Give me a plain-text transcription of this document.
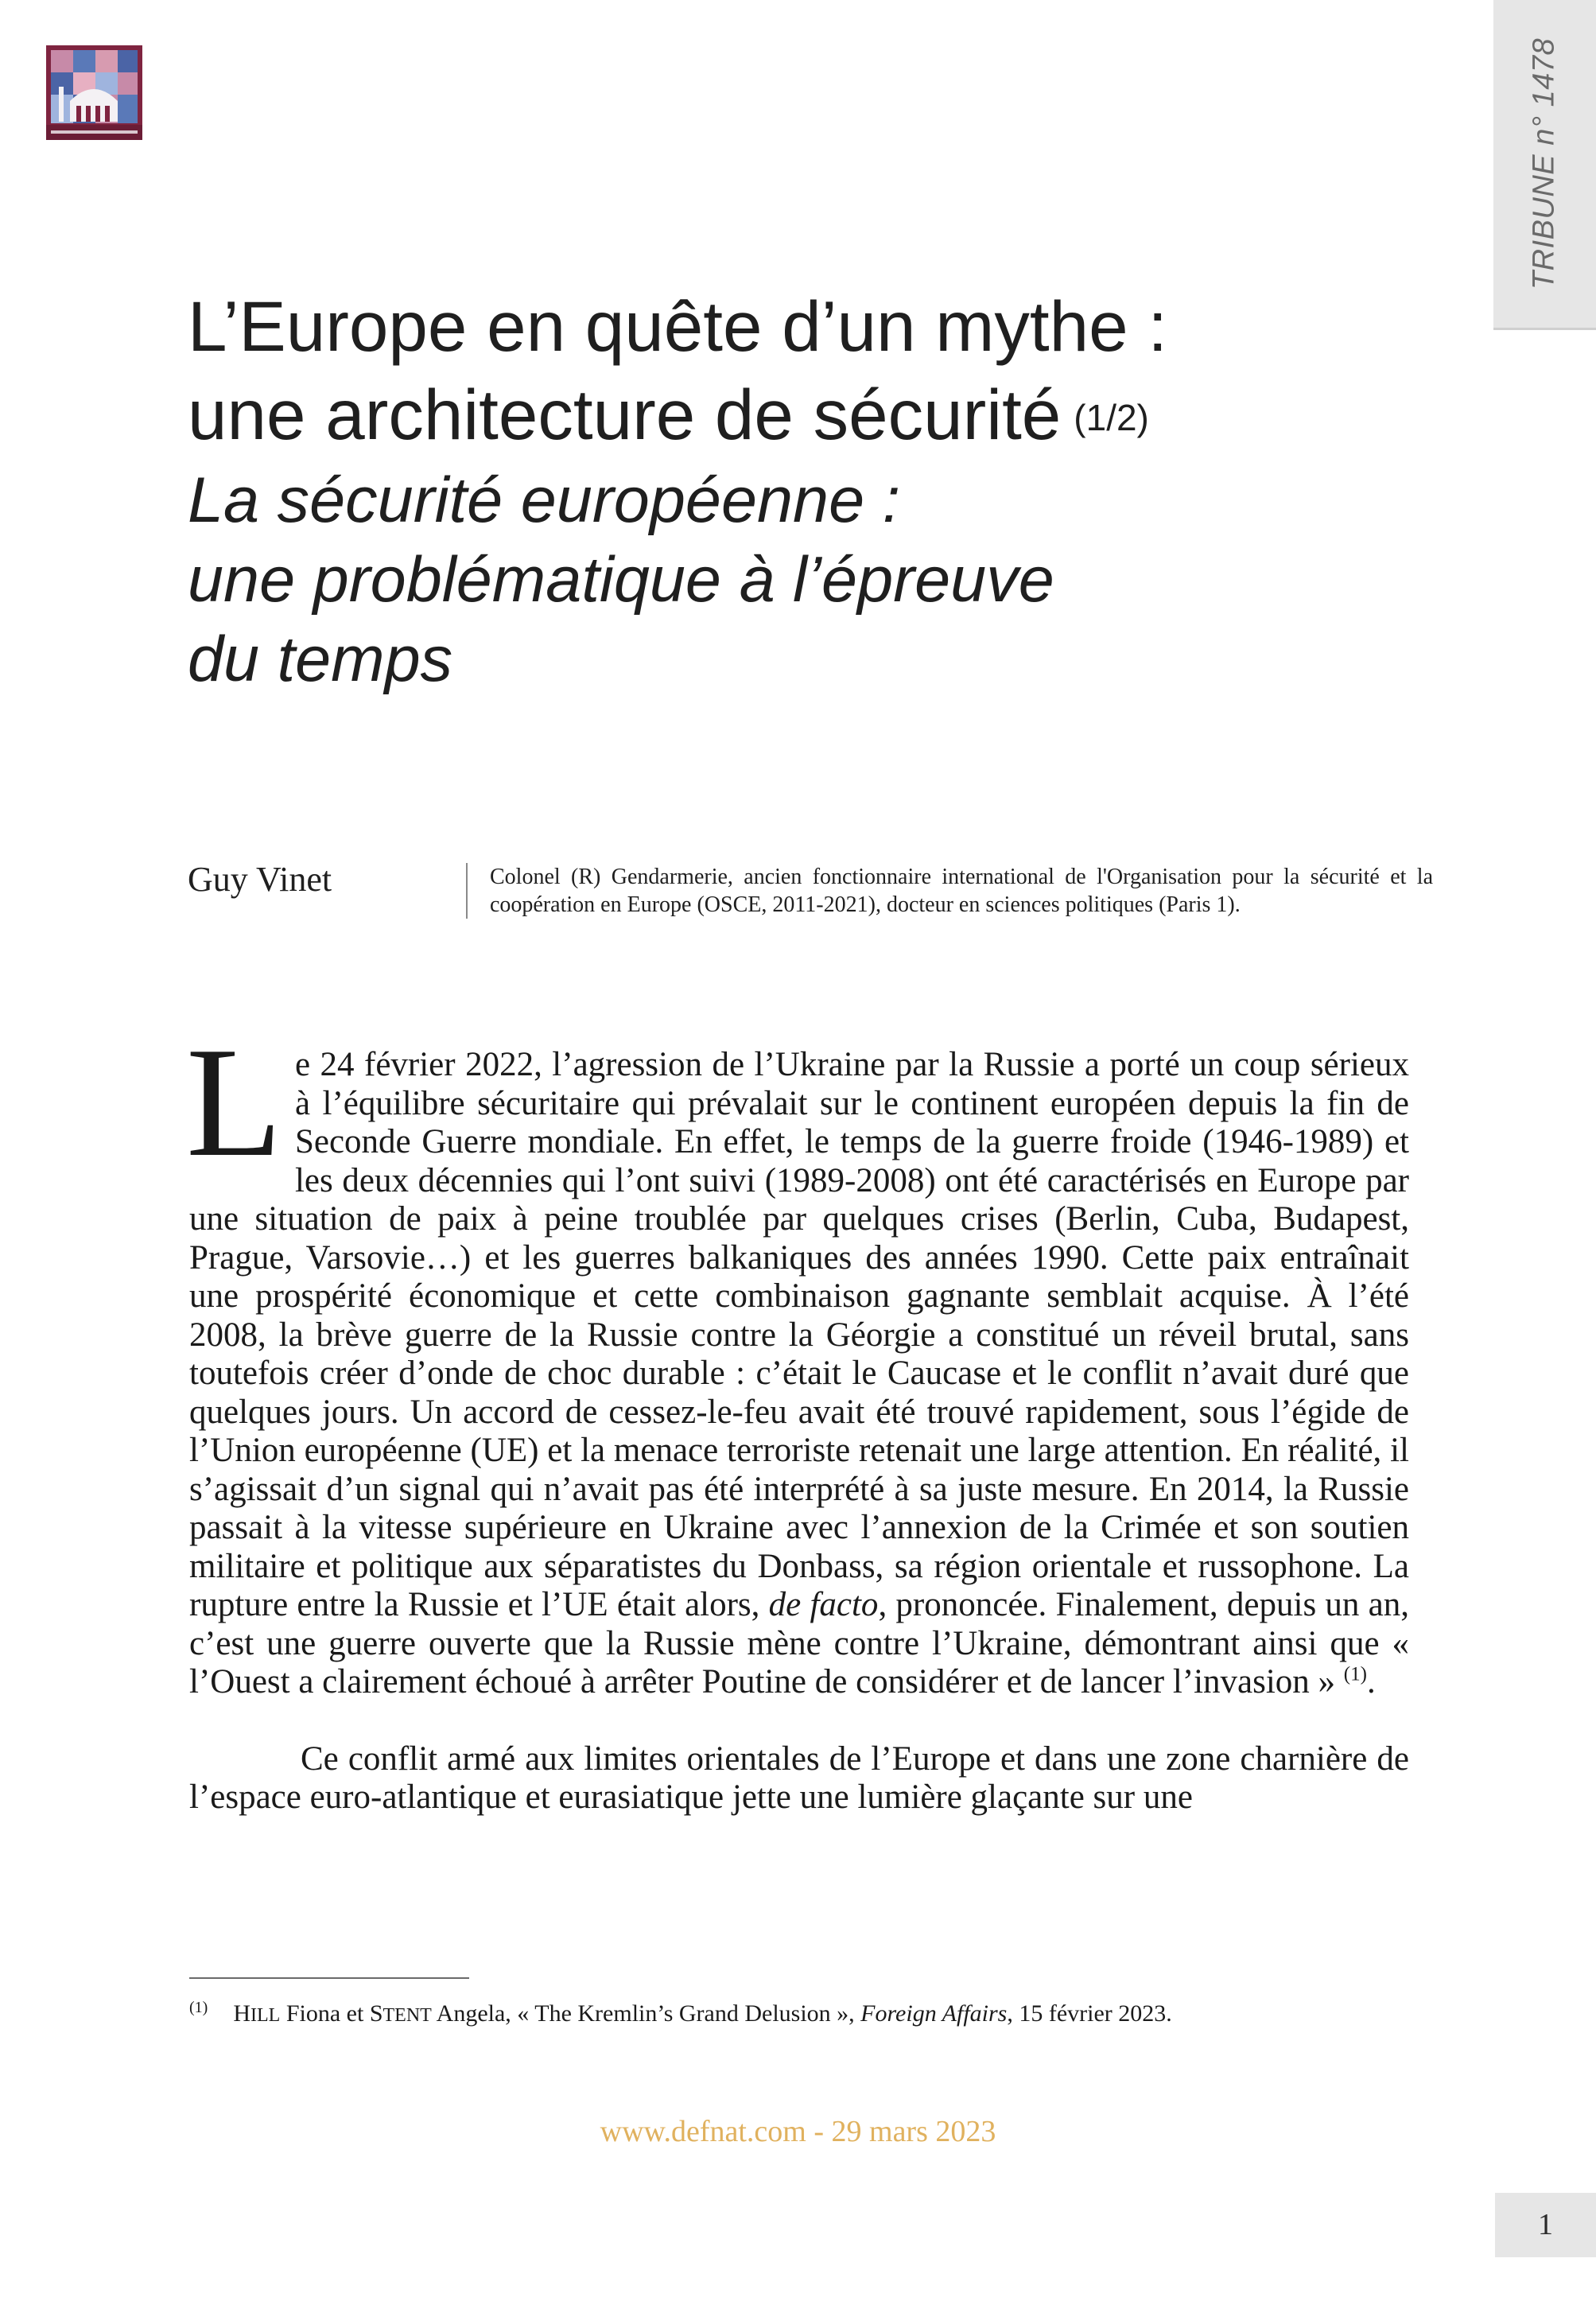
TRIBUNE n° 1478
L’Europe en quête d’un mythe :
une architecture de sécurité $^{(1/2)}$
La sécurité européenne :
une problématique à l’épreuve
du temps
Guy Vinet	Colonel (R) Gendarmerie, ancien fonctionnaire international de l'Organisation pour la sécurité et la coopération en Europe (OSCE, 2011-2021), docteur en sciences politiques (Paris 1).

Le 24 février 2022, l’agression de l’Ukraine par la Russie a porté un coup sérieux à l’équilibre sécuritaire qui prévalait sur le continent européen depuis la fin de Seconde Guerre mondiale. En effet, le temps de la guerre froide (1946-1989) et les deux décennies qui l’ont suivi (1989-2008) ont été caractérisés en Europe par une situation de paix à peine troublée par quelques crises (Berlin, Cuba, Budapest, Prague, Varsovie…) et les guerres balkaniques des années 1990. Cette paix entraînait une prospérité économique et cette combinaison gagnante semblait acquise. À l’été 2008, la brève guerre de la Russie contre la Géorgie a constitué un réveil brutal, sans toutefois créer d’onde de choc durable : c’était le Caucase et le conflit n’avait duré que quelques jours. Un accord de cessez-le-feu avait été trouvé rapidement, sous l’égide de l’Union européenne (UE) et la menace terroriste retenait une large attention. En réalité, il s’agissait d’un signal qui n’avait pas été interprété à sa juste mesure. En 2014, la Russie passait à la vitesse supérieure en Ukraine avec l’annexion de la Crimée et son soutien militaire et politique aux séparatistes du Donbass, sa région orientale et russophone. La rupture entre la Russie et l’UE était alors, de facto, prononcée. Finalement, depuis un an, c’est une guerre ouverte que la Russie mène contre l’Ukraine, démontrant ainsi que « l’Ouest a clairement échoué à arrêter Poutine de considérer et de lancer l’invasion » $^{(1)}$.

Ce conflit armé aux limites orientales de l’Europe et dans une zone charnière de l’espace euro-atlantique et eurasiatique jette une lumière glaçante sur une

$^{(1)}$ HILL Fiona et STENT Angela, « The Kremlin’s Grand Delusion », Foreign Affairs, 15 février 2023.
www.defnat.com - 29 mars 2023
1
